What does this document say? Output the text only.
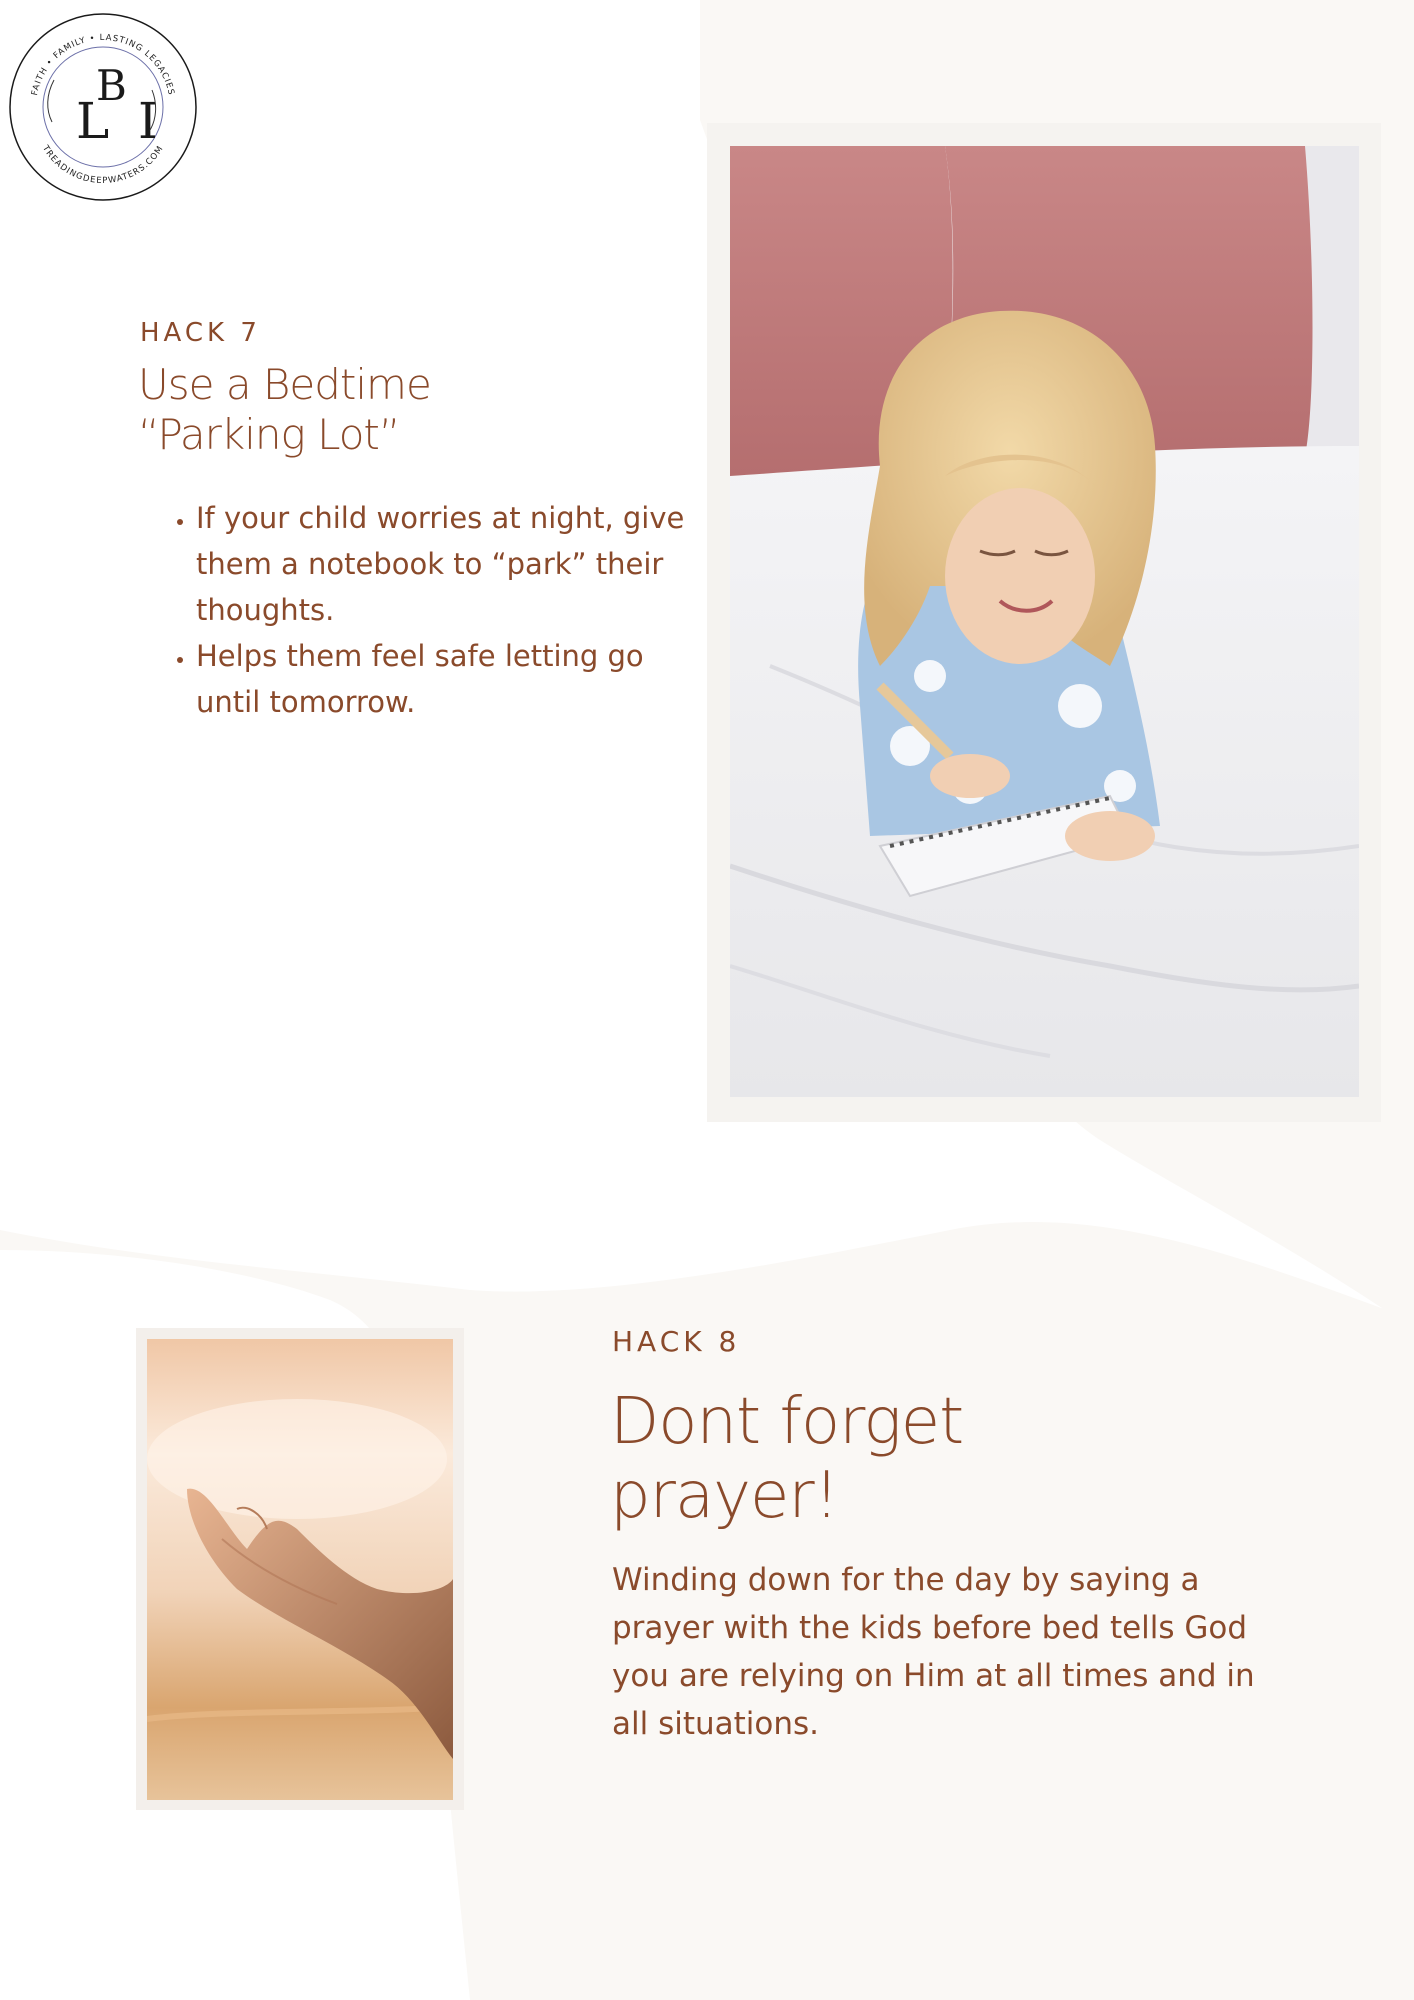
FAITH • FAMILY • LASTING LEGACIES
TREADINGDEEPWATERS.COM
L
B
I
HACK 7
Use a Bedtime
“Parking Lot”
• If your child worries at night, give them a notebook to “park” their thoughts.
• Helps them feel safe letting go until tomorrow.
HACK 8
Dont forget
prayer!

Winding down for the day by saying a prayer with the kids before bed tells God you are relying on Him at all times and in all situations.
